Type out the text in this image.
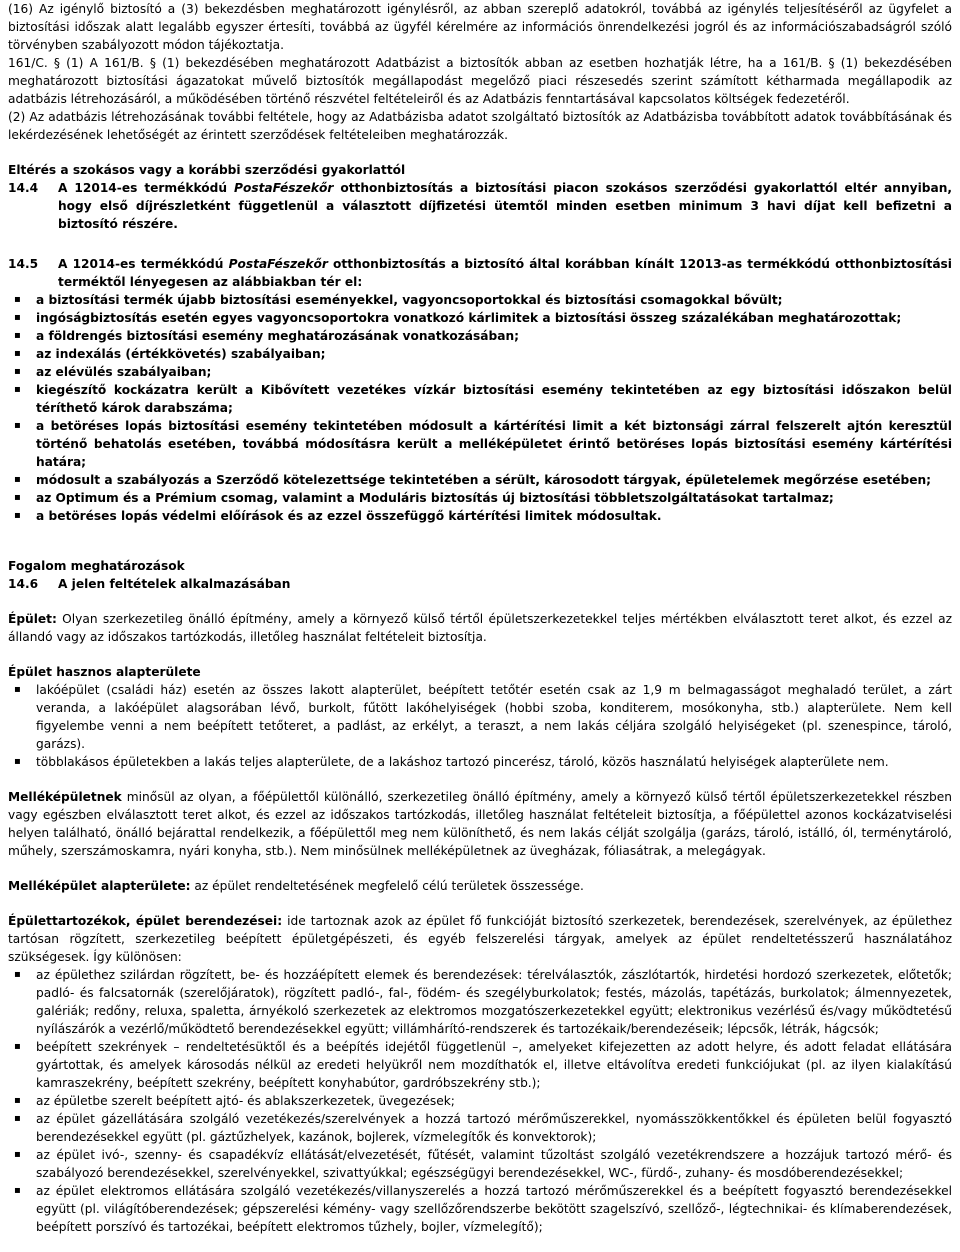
(16) Az igénylő biztosító a (3) bekezdésben meghatározott igénylésről, az abban szereplő adatokról, továbbá az igénylés teljesítéséről az ügyfelet a biztosítási időszak alatt legalább egyszer értesíti, továbbá az ügyfél kérelmére az információs önrendelkezési jogról és az információszabadságról szóló törvényben szabályozott módon tájékoztatja.

161/C. § (1) A 161/B. § (1) bekezdésében meghatározott Adatbázist a biztosítók abban az esetben hozhatják létre, ha a 161/B. § (1) bekezdésében meghatározott biztosítási ágazatokat művelő biztosítók megállapodást megelőző piaci részesedés szerint számított kétharmada megállapodik az adatbázis létrehozásáról, a működésében történő részvétel feltételeiről és az Adatbázis fenntartásával kapcsolatos költségek fedezetéről.

(2) Az adatbázis létrehozásának további feltétele, hogy az Adatbázisba adatot szolgáltató biztosítók az Adatbázisba továbbított adatok továbbításának és lekérdezésének lehetőségét az érintett szerződések feltételeiben meghatározzák.

Eltérés a szokásos vagy a korábbi szerződési gyakorlattól

14.4	A 12014-es termékkódú PostaFészekőr otthonbiztosítás a biztosítási piacon szokásos szerződési gyakorlattól eltér annyiban, hogy első díjrészletként függetlenül a választott díjfizetési ütemtől minden esetben minimum 3 havi díjat kell befizetni a biztosító részére.
14.5	A 12014-es termékkódú PostaFészekőr otthonbiztosítás a biztosító által korábban kínált 12013-as termékkódú otthonbiztosítási terméktől lényegesen az alábbiakban tér el:
▪ a biztosítási termék újabb biztosítási eseményekkel, vagyoncsoportokkal és biztosítási csomagokkal bővült;
▪ ingóságbiztosítás esetén egyes vagyoncsoportokra vonatkozó kárlimitek a biztosítási összeg százalékában meghatározottak;
▪ a földrengés biztosítási esemény meghatározásának vonatkozásában;
▪ az indexálás (értékkövetés) szabályaiban;
▪ az elévülés szabályaiban;
▪ kiegészítő kockázatra került a Kibővített vezetékes vízkár biztosítási esemény tekintetében az egy biztosítási időszakon belül téríthető károk darabszáma;
▪ a betöréses lopás biztosítási esemény tekintetében módosult a kártérítési limit a két biztonsági zárral felszerelt ajtón keresztül történő behatolás esetében, továbbá módosításra került a melléképületet érintő betöréses lopás biztosítási esemény kártérítési határa;
▪ módosult a szabályozás a Szerződő kötelezettsége tekintetében a sérült, károsodott tárgyak, épületelemek megőrzése esetében;
▪ az Optimum és a Prémium csomag, valamint a Moduláris biztosítás új biztosítási többletszolgáltatásokat tartalmaz;
▪ a betöréses lopás védelmi előírások és az ezzel összefüggő kártérítési limitek módosultak.

Fogalom meghatározások

14.6	A jelen feltételek alkalmazásában

Épület: Olyan szerkezetileg önálló építmény, amely a környező külső tértől épületszerkezetekkel teljes mértékben elválasztott teret alkot, és ezzel az állandó vagy az időszakos tartózkodás, illetőleg használat feltételeit biztosítja.

Épület hasznos alapterülete

▪ lakóépület (családi ház) esetén az összes lakott alapterület, beépített tetőtér esetén csak az 1,9 m belmagasságot meghaladó terület, a zárt veranda, a lakóépület alagsorában lévő, burkolt, fűtött lakóhelyiségek (hobbi szoba, konditerem, mosókonyha, stb.) alapterülete. Nem kell figyelembe venni a nem beépített tetőteret, a padlást, az erkélyt, a teraszt, a nem lakás céljára szolgáló helyiségeket (pl. szenespince, tároló, garázs).
▪ többlakásos épületekben a lakás teljes alapterülete, de a lakáshoz tartozó pincerész, tároló, közös használatú helyiségek alapterülete nem.

Melléképületnek minősül az olyan, a főépülettől különálló, szerkezetileg önálló építmény, amely a környező külső tértől épületszerkezetekkel részben vagy egészben elválasztott teret alkot, és ezzel az időszakos tartózkodás, illetőleg használat feltételeit biztosítja, a főépülettel azonos kockázatviselési helyen található, önálló bejárattal rendelkezik, a főépülettől meg nem különíthető, és nem lakás célját szolgálja (garázs, tároló, istálló, ól, terménytároló, műhely, szerszámoskamra, nyári konyha, stb.). Nem minősülnek melléképületnek az üvegházak, fóliasátrak, a melegágyak.

Melléképület alapterülete: az épület rendeltetésének megfelelő célú területek összessége.

Épülettartozékok, épület berendezései: ide tartoznak azok az épület fő funkcióját biztosító szerkezetek, berendezések, szerelvények, az épülethez tartósan rögzített, szerkezetileg beépített épületgépészeti, és egyéb felszerelési tárgyak, amelyek az épület rendeltetésszerű használatához szükségesek. Így különösen:

▪ az épülethez szilárdan rögzített, be- és hozzáépített elemek és berendezések: térelválasztók, zászlótartók, hirdetési hordozó szerkezetek, előtetők; padló- és falcsatornák (szerelőjáratok), rögzített padló-, fal-, födém- és szegélyburkolatok; festés, mázolás, tapétázás, burkolatok; álmennyezetek, galériák; redőny, reluxa, spaletta, árnyékoló szerkezetek az elektromos mozgatószerkezetekkel együtt; elektronikus vezérlésű és/vagy működtetésű nyílászárók a vezérlő/működtető berendezésekkel együtt; villámhárító-rendszerek és tartozékaik/berendezéseik; lépcsők, létrák, hágcsók;
▪ beépített szekrények – rendeltetésüktől és a beépítés idejétől függetlenül –, amelyeket kifejezetten az adott helyre, és adott feladat ellátására gyártottak, és amelyek károsodás nélkül az eredeti helyükről nem mozdíthatók el, illetve eltávolítva eredeti funkciójukat (pl. az ilyen kialakítású kamraszekrény, beépített szekrény, beépített konyhabútor, gardróbszekrény stb.);
▪ az épületbe szerelt beépített ajtó- és ablakszerkezetek, üvegezések;
▪ az épület gázellátására szolgáló vezetékezés/szerelvények a hozzá tartozó mérőműszerekkel, nyomásszökkentőkkel és épületen belül fogyasztó berendezésekkel együtt (pl. gáztűzhelyek, kazánok, bojlerek, vízmelegítők és konvektorok);
▪ az épület ivó-, szenny- és csapadékvíz ellátását/elvezetését, fűtését, valamint tűzoltást szolgáló vezetékrendszere a hozzájuk tartozó mérő- és szabályozó berendezésekkel, szerelvényekkel, szivattyúkkal; egészségügyi berendezésekkel, WC-, fürdő-, zuhany- és mosdóberendezésekkel;
▪ az épület elektromos ellátására szolgáló vezetékezés/villanyszerelés a hozzá tartozó mérőműszerekkel és a beépített fogyasztó berendezésekkel együtt (pl. világítóberendezések; gépszerelési kémény- vagy szellőzőrendszerbe bekötött szagelszívó, szellőző-, légtechnikai- és klímaberendezések, beépített porszívó és tartozékai, beépített elektromos tűzhely, bojler, vízmelegítő);
